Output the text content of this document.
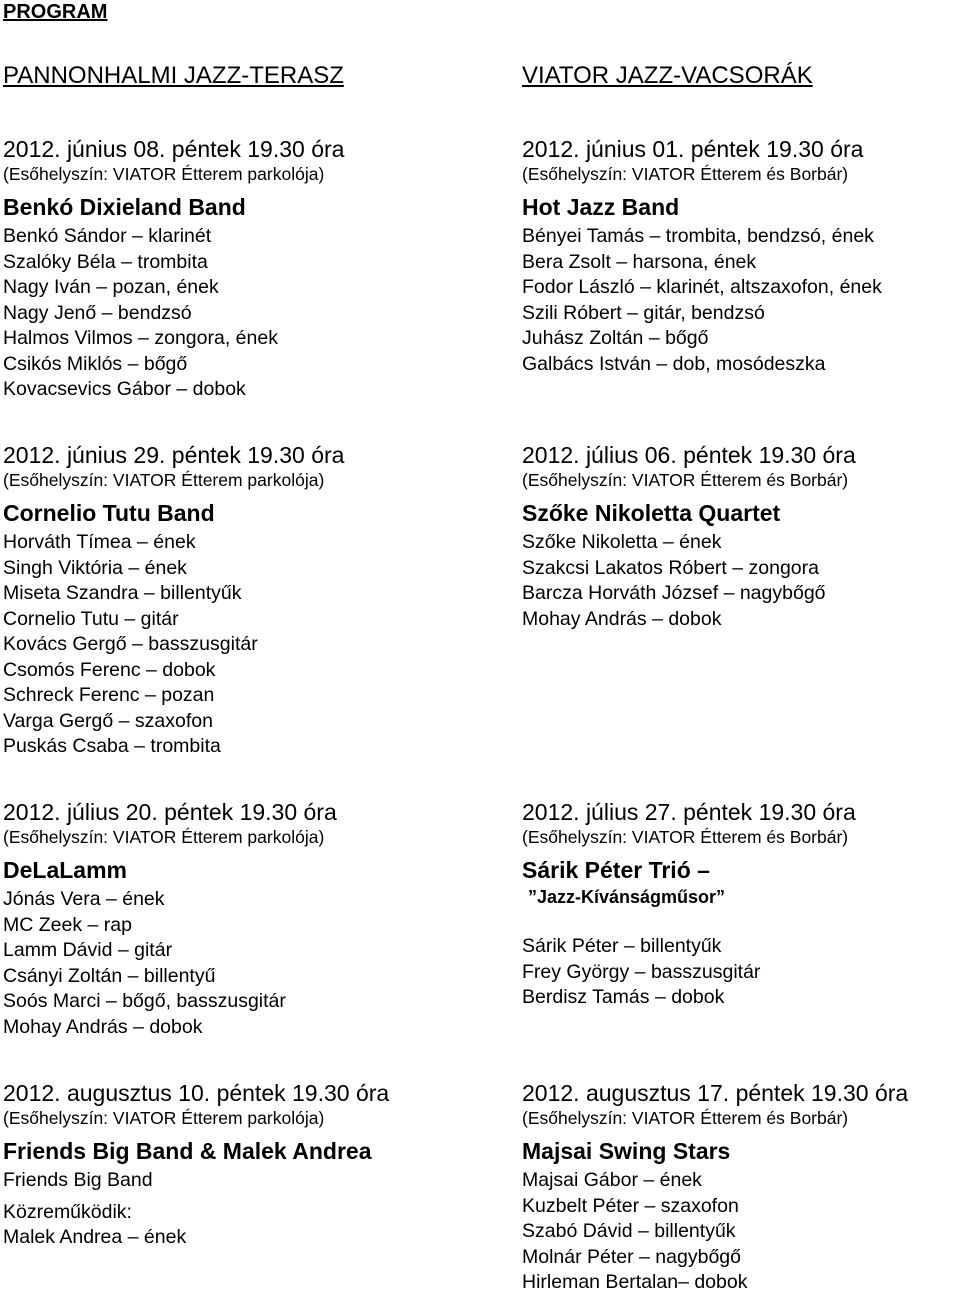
PROGRAM
PANNONHALMI JAZZ-TERASZ	VIATOR JAZZ-VACSORÁK
2012. június 08. péntek 19.30 óra
(Esőhelyszín: VIATOR Étterem parkolója)
Benkó Dixieland Band
Benkó Sándor – klarinét
Szalóky Béla – trombita
Nagy Iván – pozan, ének
Nagy Jenő – bendzsó
Halmos Vilmos – zongora, ének
Csikós Miklós – bőgő
Kovacsevics Gábor – dobok
2012. június 29. péntek 19.30 óra
(Esőhelyszín: VIATOR Étterem parkolója)
Cornelio Tutu Band
Horváth Tímea – ének
Singh Viktória – ének
Miseta Szandra – billentyűk
Cornelio Tutu – gitár
Kovács Gergő – basszusgitár
Csomós Ferenc – dobok
Schreck Ferenc – pozan
Varga Gergő – szaxofon
Puskás Csaba – trombita
2012. július 20. péntek 19.30 óra
(Esőhelyszín: VIATOR Étterem parkolója)
DeLaLamm
Jónás Vera – ének
MC Zeek – rap
Lamm Dávid – gitár
Csányi Zoltán – billentyű
Soós Marci – bőgő, basszusgitár
Mohay András – dobok
2012. augusztus 10. péntek 19.30 óra
(Esőhelyszín: VIATOR Étterem parkolója)
Friends Big Band & Malek Andrea
Friends Big Band
Közreműködik:
Malek Andrea – ének
2012. június 01. péntek 19.30 óra
(Esőhelyszín: VIATOR Étterem és Borbár)
Hot Jazz Band
Bényei Tamás – trombita, bendzsó, ének
Bera Zsolt – harsona, ének
Fodor László – klarinét, altszaxofon, ének
Szili Róbert – gitár, bendzsó
Juhász Zoltán – bőgő
Galbács István – dob, mosódeszka
2012. július 06. péntek 19.30 óra
(Esőhelyszín: VIATOR Étterem és Borbár)
Szőke Nikoletta Quartet
Szőke Nikoletta – ének
Szakcsi Lakatos Róbert – zongora
Barcza Horváth József – nagybőgő
Mohay András – dobok
2012. július 27. péntek 19.30 óra
(Esőhelyszín: VIATOR Étterem és Borbár)
Sárik Péter Trió –
”Jazz-Kívánságműsor”
Sárik Péter – billentyűk
Frey György – basszusgitár
Berdisz Tamás – dobok
2012. augusztus 17. péntek 19.30 óra
(Esőhelyszín: VIATOR Étterem és Borbár)
Majsai Swing Stars
Majsai Gábor – ének
Kuzbelt Péter – szaxofon
Szabó Dávid – billentyűk
Molnár Péter – nagybőgő
Hirleman Bertalan– dobok
